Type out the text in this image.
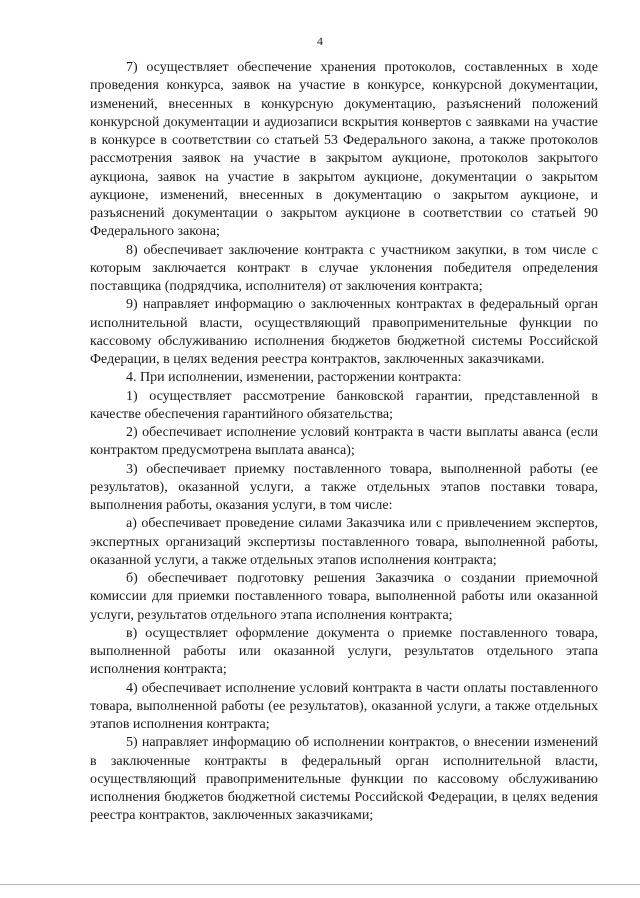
4

7) осуществляет обеспечение хранения протоколов, составленных в ходе проведения конкурса, заявок на участие в конкурсе, конкурсной документации, изменений, внесенных в конкурсную документацию, разъяснений положений конкурсной документации и аудиозаписи вскрытия конвертов с заявками на участие в конкурсе в соответствии со статьей 53 Федерального закона, а также протоколов рассмотрения заявок на участие в закрытом аукционе, протоколов закрытого аукциона, заявок на участие в закрытом аукционе, документации о закрытом аукционе, изменений, внесенных в документацию о закрытом аукционе, и разъяснений документации о закрытом аукционе в соответствии со статьей 90 Федерального закона;

8) обеспечивает заключение контракта с участником закупки, в том числе с которым заключается контракт в случае уклонения победителя определения поставщика (подрядчика, исполнителя) от заключения контракта;

9) направляет информацию о заключенных контрактах в федеральный орган исполнительной власти, осуществляющий правоприменительные функции по кассовому обслуживанию исполнения бюджетов бюджетной системы Российской Федерации, в целях ведения реестра контрактов, заключенных заказчиками.

4. При исполнении, изменении, расторжении контракта:

1) осуществляет рассмотрение банковской гарантии, представленной в качестве обеспечения гарантийного обязательства;

2) обеспечивает исполнение условий контракта в части выплаты аванса (если контрактом предусмотрена выплата аванса);

3) обеспечивает приемку поставленного товара, выполненной работы (ее результатов), оказанной услуги, а также отдельных этапов поставки товара, выполнения работы, оказания услуги, в том числе:

а) обеспечивает проведение силами Заказчика или с привлечением экспертов, экспертных организаций экспертизы поставленного товара, выполненной работы, оказанной услуги, а также отдельных этапов исполнения контракта;

б) обеспечивает подготовку решения Заказчика о создании приемочной комиссии для приемки поставленного товара, выполненной работы или оказанной услуги, результатов отдельного этапа исполнения контракта;

в) осуществляет оформление документа о приемке поставленного товара, выполненной работы или оказанной услуги, результатов отдельного этапа исполнения контракта;

4) обеспечивает исполнение условий контракта в части оплаты поставленного товара, выполненной работы (ее результатов), оказанной услуги, а также отдельных этапов исполнения контракта;

5) направляет информацию об исполнении контрактов, о внесении изменений в заключенные контракты в федеральный орган исполнительной власти, осуществляющий правоприменительные функции по кассовому обслуживанию исполнения бюджетов бюджетной системы Российской Федерации, в целях ведения реестра контрактов, заключенных заказчиками;
